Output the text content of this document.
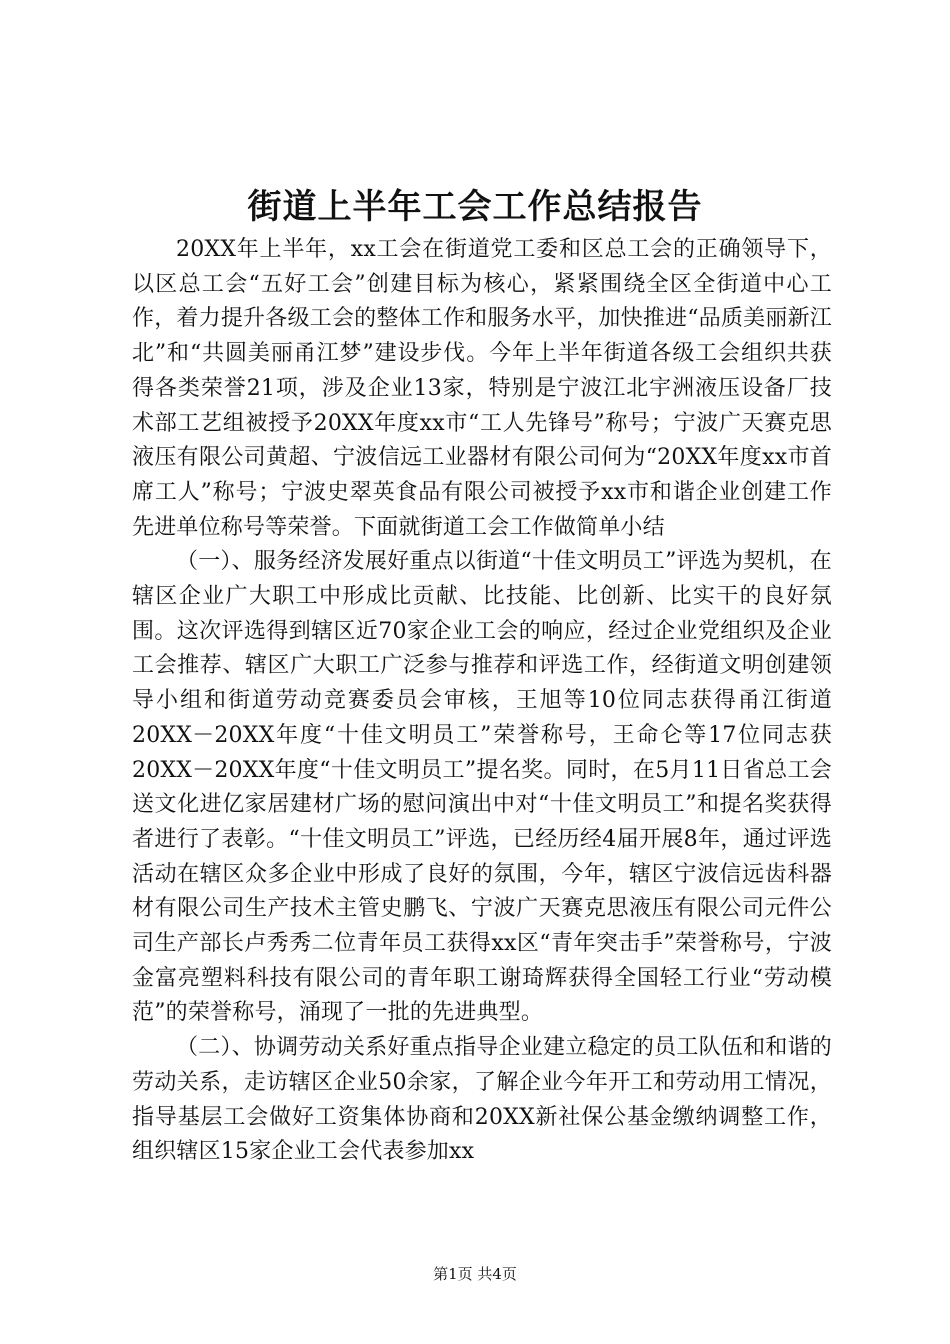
街道上半年工会工作总结报告

20XX年上半年，xx工会在街道党工委和区总工会的正确领导下，以区总工会“五好工会”创建目标为核心，紧紧围绕全区全街道中心工作，着力提升各级工会的整体工作和服务水平，加快推进“品质美丽新江北”和“共圆美丽甬江梦”建设步伐。今年上半年街道各级工会组织共获得各类荣誉21项，涉及企业13家，特别是宁波江北宇洲液压设备厂技术部工艺组被授予20XX年度xx市“工人先锋号”称号；宁波广天赛克思液压有限公司黄超、宁波信远工业器材有限公司何为“20XX年度xx市首席工人”称号；宁波史翠英食品有限公司被授予xx市和谐企业创建工作先进单位称号等荣誉。下面就街道工会工作做简单小结

（一）、服务经济发展好重点以街道“十佳文明员工”评选为契机，在辖区企业广大职工中形成比贡献、比技能、比创新、比实干的良好氛围。这次评选得到辖区近70家企业工会的响应，经过企业党组织及企业工会推荐、辖区广大职工广泛参与推荐和评选工作，经街道文明创建领导小组和街道劳动竞赛委员会审核，王旭等10位同志获得甬江街道20XX－20XX年度“十佳文明员工”荣誉称号，王命仑等17位同志获20XX－20XX年度“十佳文明员工”提名奖。同时，在5月11日省总工会送文化进亿家居建材广场的慰问演出中对“十佳文明员工”和提名奖获得者进行了表彰。“十佳文明员工”评选，已经历经4届开展8年，通过评选活动在辖区众多企业中形成了良好的氛围，今年，辖区宁波信远齿科器材有限公司生产技术主管史鹏飞、宁波广天赛克思液压有限公司元件公司生产部长卢秀秀二位青年员工获得xx区“青年突击手”荣誉称号，宁波金富亮塑料科技有限公司的青年职工谢琦辉获得全国轻工行业“劳动模范”的荣誉称号，涌现了一批的先进典型。

（二）、协调劳动关系好重点指导企业建立稳定的员工队伍和和谐的劳动关系，走访辖区企业50余家，了解企业今年开工和劳动用工情况，指导基层工会做好工资集体协商和20XX新社保公基金缴纳调整工作，组织辖区15家企业工会代表参加xx

第1页 共4页
